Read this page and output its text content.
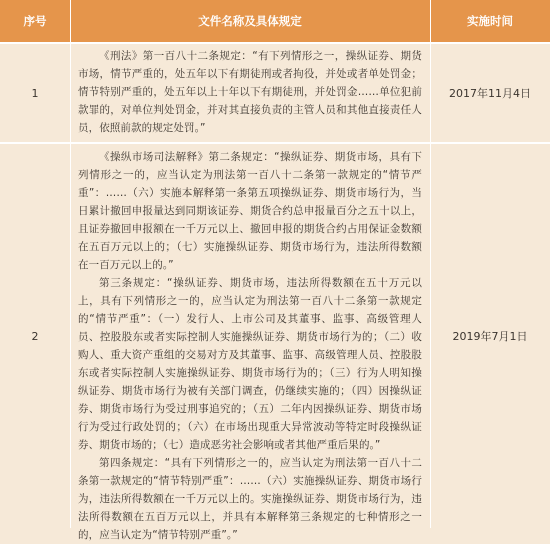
序号	文件名称及具体规定	实施时间
1

《刑法》第一百八十二条规定：“有下列情形之一，操纵证券、期货市场，情节严重的，处五年以下有期徒刑或者拘役，并处或者单处罚金；情节特别严重的，处五年以上十年以下有期徒刑，并处罚金……单位犯前款罪的，对单位判处罚金，并对其直接负责的主管人员和其他直接责任人员，依照前款的规定处罚。”

2017年11月4日
2

《操纵市场司法解释》第二条规定：“操纵证券、期货市场，具有下列情形之一的，应当认定为刑法第一百八十二条第一款规定的“情节严重”：……（六）实施本解释第一条第五项操纵证券、期货市场行为，当日累计撤回申报量达到同期该证券、期货合约总申报量百分之五十以上，且证券撤回申报额在一千万元以上、撤回申报的期货合约占用保证金数额在五百万元以上的；（七）实施操纵证券、期货市场行为，违法所得数额在一百万元以上的。”

第三条规定：“操纵证券、期货市场，违法所得数额在五十万元以上，具有下列情形之一的，应当认定为刑法第一百八十二条第一款规定的“情节严重”：（一）发行人、上市公司及其董事、监事、高级管理人员、控股股东或者实际控制人实施操纵证券、期货市场行为的；（二）收购人、重大资产重组的交易对方及其董事、监事、高级管理人员、控股股东或者实际控制人实施操纵证券、期货市场行为的；（三）行为人明知操纵证券、期货市场行为被有关部门调查，仍继续实施的；（四）因操纵证券、期货市场行为受过刑事追究的；（五）二年内因操纵证券、期货市场行为受过行政处罚的；（六）在市场出现重大异常波动等特定时段操纵证券、期货市场的；（七）造成恶劣社会影响或者其他严重后果的。”

第四条规定：“具有下列情形之一的，应当认定为刑法第一百八十二条第一款规定的“情节特别严重”：……（六）实施操纵证券、期货市场行为，违法所得数额在一千万元以上的。实施操纵证券、期货市场行为，违法所得数额在五百万元以上，并具有本解释第三条规定的七种情形之一的，应当认定为“情节特别严重”。”

2019年7月1日
